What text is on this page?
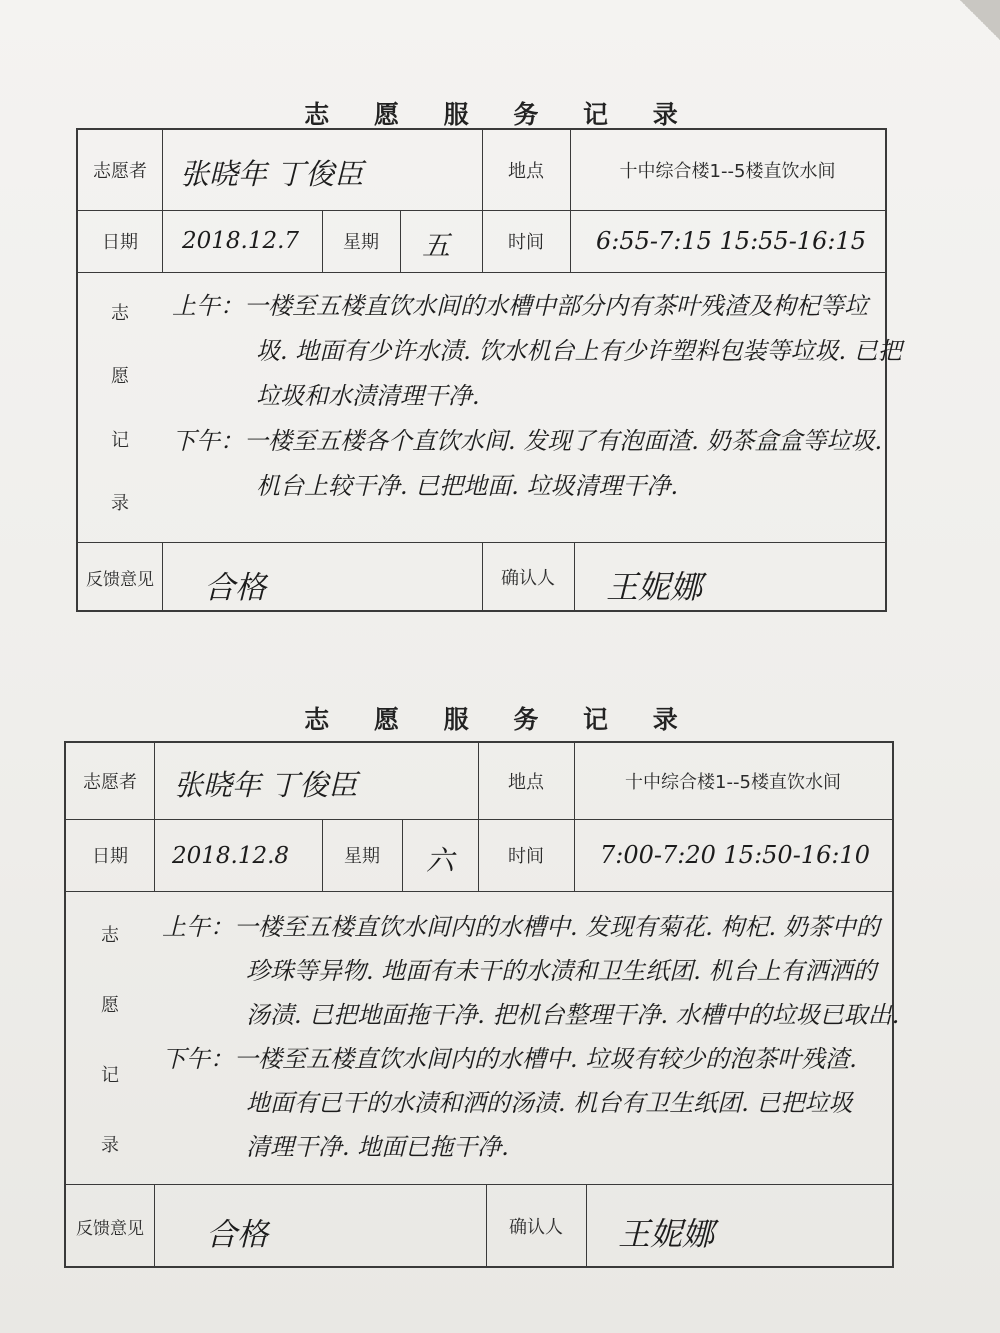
志 愿 服 务 记 录
志愿者	张晓年 丁俊臣	地点	十中综合楼1--5楼直饮水间
日期	2018.12.7	星期	五	时间	6:55-7:15 15:55-16:15
志
愿
记
录

上午：一楼至五楼直饮水间的水槽中部分内有茶叶残渣及枸杞等垃

圾. 地面有少许水渍. 饮水机台上有少许塑料包装等垃圾. 已把

垃圾和水渍清理干净.

下午：一楼至五楼各个直饮水间. 发现了有泡面渣. 奶茶盒盒等垃圾.

机台上较干净. 已把地面. 垃圾清理干净.

反馈意见 合格	确认人	王妮娜
志 愿 服 务 记 录
志愿者	张晓年 丁俊臣	地点	十中综合楼1--5楼直饮水间
日期	2018.12.8	星期	六	时间	7:00-7:20 15:50-16:10
志
愿
记
录

上午：一楼至五楼直饮水间内的水槽中. 发现有菊花. 枸杞. 奶茶中的

珍珠等异物. 地面有未干的水渍和卫生纸团. 机台上有洒洒的

汤渍. 已把地面拖干净. 把机台整理干净. 水槽中的垃圾已取出.

下午：一楼至五楼直饮水间内的水槽中. 垃圾有较少的泡茶叶残渣.

地面有已干的水渍和洒的汤渍. 机台有卫生纸团. 已把垃圾

清理干净. 地面已拖干净.

反馈意见	合格	确认人	王妮娜
